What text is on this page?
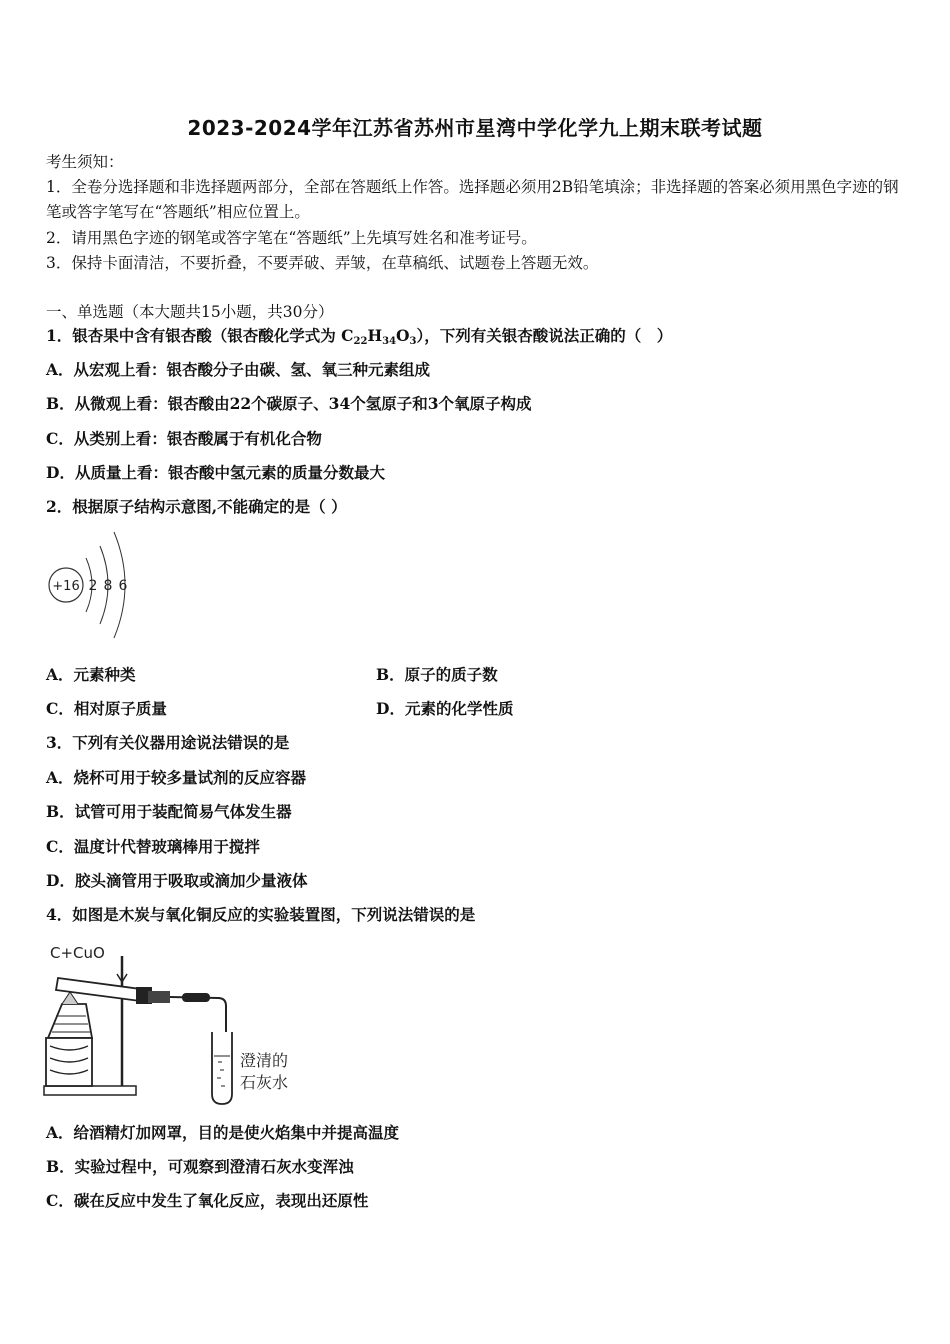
2023-2024学年江苏省苏州市星湾中学化学九上期末联考试题
考生须知：
1．全卷分选择题和非选择题两部分，全部在答题纸上作答。选择题必须用2B铅笔填涂；非选择题的答案必须用黑色字迹的钢笔或答字笔写在“答题纸”相应位置上。
2．请用黑色字迹的钢笔或答字笔在“答题纸”上先填写姓名和准考证号。
3．保持卡面清洁，不要折叠，不要弄破、弄皱，在草稿纸、试题卷上答题无效。
一、单选题（本大题共15小题，共30分）
1．银杏果中含有银杏酸（银杏酸化学式为 $C_{22}H_{34}O_3$），下列有关银杏酸说法正确的（　）
A．从宏观上看：银杏酸分子由碳、氢、氧三种元素组成
B．从微观上看：银杏酸由22个碳原子、34个氢原子和3个氧原子构成
C．从类别上看：银杏酸属于有机化合物
D．从质量上看：银杏酸中氢元素的质量分数最大
2．根据原子结构示意图,不能确定的是（ ）
+16 2 8 6
A．元素种类	B．原子的质子数
C．相对原子质量	D．元素的化学性质
3．下列有关仪器用途说法错误的是
A．烧杯可用于较多量试剂的反应容器
B．试管可用于装配简易气体发生器
C．温度计代替玻璃棒用于搅拌
D．胶头滴管用于吸取或滴加少量液体
4．如图是木炭与氧化铜反应的实验装置图，下列说法错误的是
C+CuO
澄清的
石灰水
A．给酒精灯加网罩，目的是使火焰集中并提高温度
B．实验过程中，可观察到澄清石灰水变浑浊
C．碳在反应中发生了氧化反应，表现出还原性
